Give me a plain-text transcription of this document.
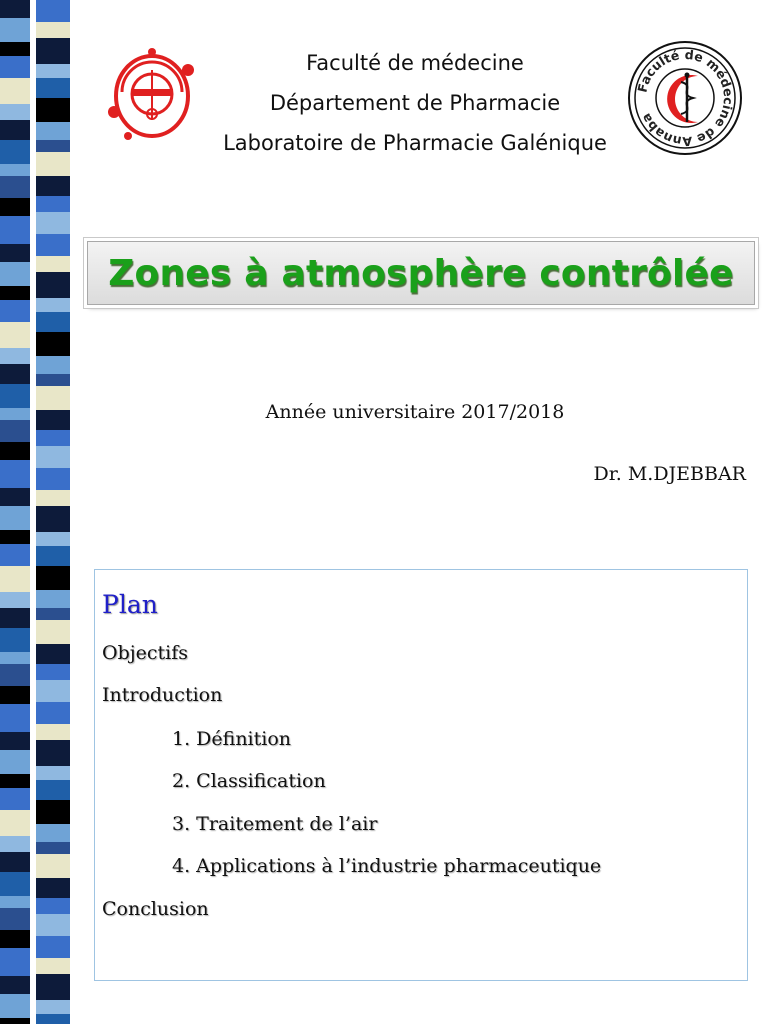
Faculté de médecine
Département de Pharmacie
Laboratoire de Pharmacie Galénique
Faculté de médecine de Annaba
Zones à atmosphère contrôlée
Année universitaire 2017/2018
Dr. M.DJEBBAR
Plan
Objectifs
Introduction
1. Définition
2. Classification
3. Traitement de l’air
4. Applications à l’industrie pharmaceutique
Conclusion
